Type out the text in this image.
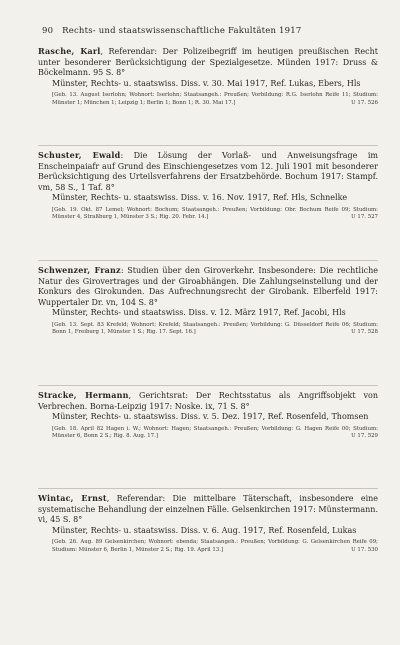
90 Rechts- und staatswissenschaftliche Fakultäten 1917

Rasche, Karl, Referendar: Der Polizeibegriff im heutigen preußischen Recht unter besonderer Berücksichtigung der Spezialgesetze. Münden 1917: Druss & Böckelmann. 95 S. 8°

Münster, Rechts- u. staatswiss. Diss. v. 30. Mai 1917, Ref. Lukas, Ebers, Hls

[Geb. 13. August Iserlohn; Wohnort: Iserlohn; Staatsangeh.: Preußen; Vorbildung: R.G. Iserlohn Reife 11; Studium: Münster 1; München 1; Leipzig 1; Berlin 1; Bonn 1; R. 30. Mai 17.]	U 17. 526

Schuster, Ewald: Die Lösung der Vorlaß- und Anweisungsfrage im Enscheinpaiafr auf Grund des Einschiengesetzes vom 12. Juli 1901 mit besonderer Berücksichtigung des Urteilsverfahrens der Ersatzbehörde. Bochum 1917: Stampf. vm, 58 S., 1 Taf. 8°

Münster, Rechts- u. staatswiss. Diss. v. 16. Nov. 1917, Ref. Hls, Schnelke

[Geb. 19. Okt. 87 Lemel; Wohnort: Bochum; Staatsangeh.: Preußen; Vorbildung: Obr. Bochum Reife 09; Studium: Münster 4, Straßburg 1, Münster 3 S.; Rig. 20. Febr. 14.]	U 17. 527

Schwenzer, Franz: Studien über den Giroverkehr. Insbesondere: Die rechtliche Natur des Girovertrages und der Giroabhängen. Die Zahlungseinstellung und der Konkurs des Girokunden. Das Aufrechnungsrecht der Girobank. Elberfeld 1917: Wuppertaler Dr. vn, 104 S. 8°

Münster, Rechts- und staatswiss. Diss. v. 12. März 1917, Ref. Jacobi, Hls

[Geb. 13. Sept. 83 Krefeld; Wohnort: Krefeld; Staatsangeh.: Preußen; Vorbildung: G. Düsseldorf Reife 06; Studium: Bonn 1, Freiburg 1, Münster 1 S.; Rig. 17. Sept. 16.]	U 17. 528

Stracke, Hermann, Gerichtsrat: Der Rechtsstatus als Angriffsobjekt von Verbrechen. Borna-Leipzig 1917: Noske. ix, 71 S. 8°

Münster, Rechts- u. staatswiss. Diss. v. 5. Dez. 1917, Ref. Rosenfeld, Thomsen

[Geb. 18. April 82 Hagen i. W.; Wohnort: Hagen; Staatsangeh.: Preußen; Vorbildung: G. Hagen Reife 00; Studium: Münster 6, Bonn 2 S.; Rig. 8. Aug. 17.]	U 17. 529

Wintac, Ernst, Referendar: Die mittelbare Täterschaft, insbesondere eine systematische Behandlung der einzelnen Fälle. Gelsenkirchen 1917: Münstermann. vi, 45 S. 8°

Münster, Rechts- u. staatswiss. Diss. v. 6. Aug. 1917, Ref. Rosenfeld, Lukas

[Geb. 26. Aug. 89 Gelsenkirchen; Wohnort: ebenda; Staatsangeh.: Preußen; Vorbildung: G. Gelsenkirchen Reife 09; Studium: Münster 6, Berlin 1, Münster 2 S.; Rig. 19. April 13.]	U 17. 530
